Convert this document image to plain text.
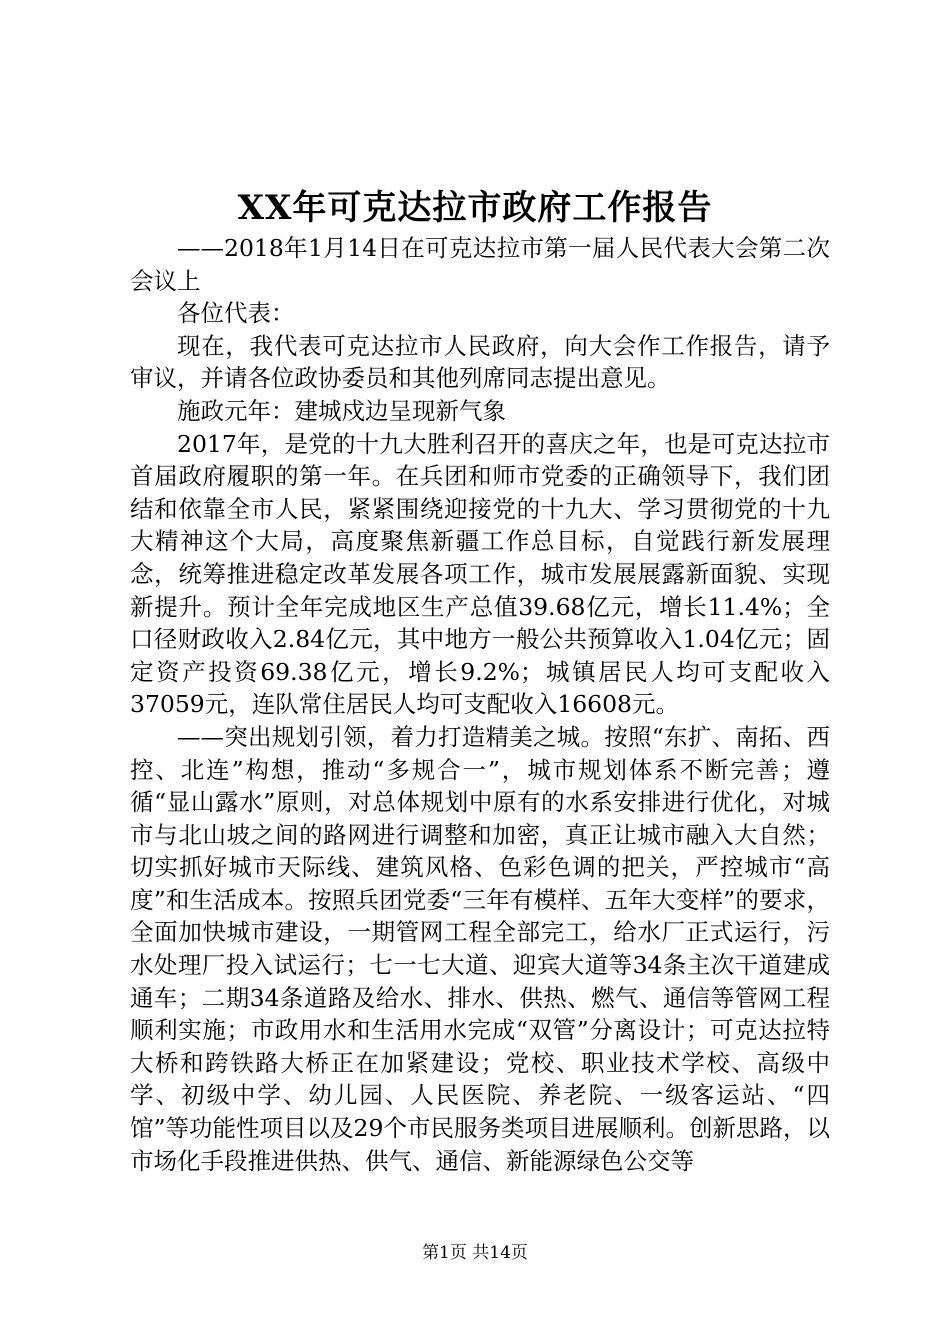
XX年可克达拉市政府工作报告

——2018年1月14日在可克达拉市第一届人民代表大会第二次会议上

各位代表：

现在，我代表可克达拉市人民政府，向大会作工作报告，请予审议，并请各位政协委员和其他列席同志提出意见。

施政元年：建城戍边呈现新气象

2017年，是党的十九大胜利召开的喜庆之年，也是可克达拉市首届政府履职的第一年。在兵团和师市党委的正确领导下，我们团结和依靠全市人民，紧紧围绕迎接党的十九大、学习贯彻党的十九大精神这个大局，高度聚焦新疆工作总目标，自觉践行新发展理念，统筹推进稳定改革发展各项工作，城市发展展露新面貌、实现新提升。预计全年完成地区生产总值39.68亿元，增长11.4%；全口径财政收入2.84亿元，其中地方一般公共预算收入1.04亿元；固定资产投资69.38亿元，增长9.2%；城镇居民人均可支配收入37059元，连队常住居民人均可支配收入16608元。

——突出规划引领，着力打造精美之城。按照“东扩、南拓、西控、北连”构想，推动“多规合一”，城市规划体系不断完善；遵循“显山露水”原则，对总体规划中原有的水系安排进行优化，对城市与北山坡之间的路网进行调整和加密，真正让城市融入大自然；切实抓好城市天际线、建筑风格、色彩色调的把关，严控城市“高度”和生活成本。按照兵团党委“三年有模样、五年大变样”的要求，全面加快城市建设，一期管网工程全部完工，给水厂正式运行，污水处理厂投入试运行；七一七大道、迎宾大道等34条主次干道建成通车；二期34条道路及给水、排水、供热、燃气、通信等管网工程顺利实施；市政用水和生活用水完成“双管”分离设计；可克达拉特大桥和跨铁路大桥正在加紧建设；党校、职业技术学校、高级中学、初级中学、幼儿园、人民医院、养老院、一级客运站、“四馆”等功能性项目以及29个市民服务类项目进展顺利。创新思路，以市场化手段推进供热、供气、通信、新能源绿色公交等

第1页 共14页
